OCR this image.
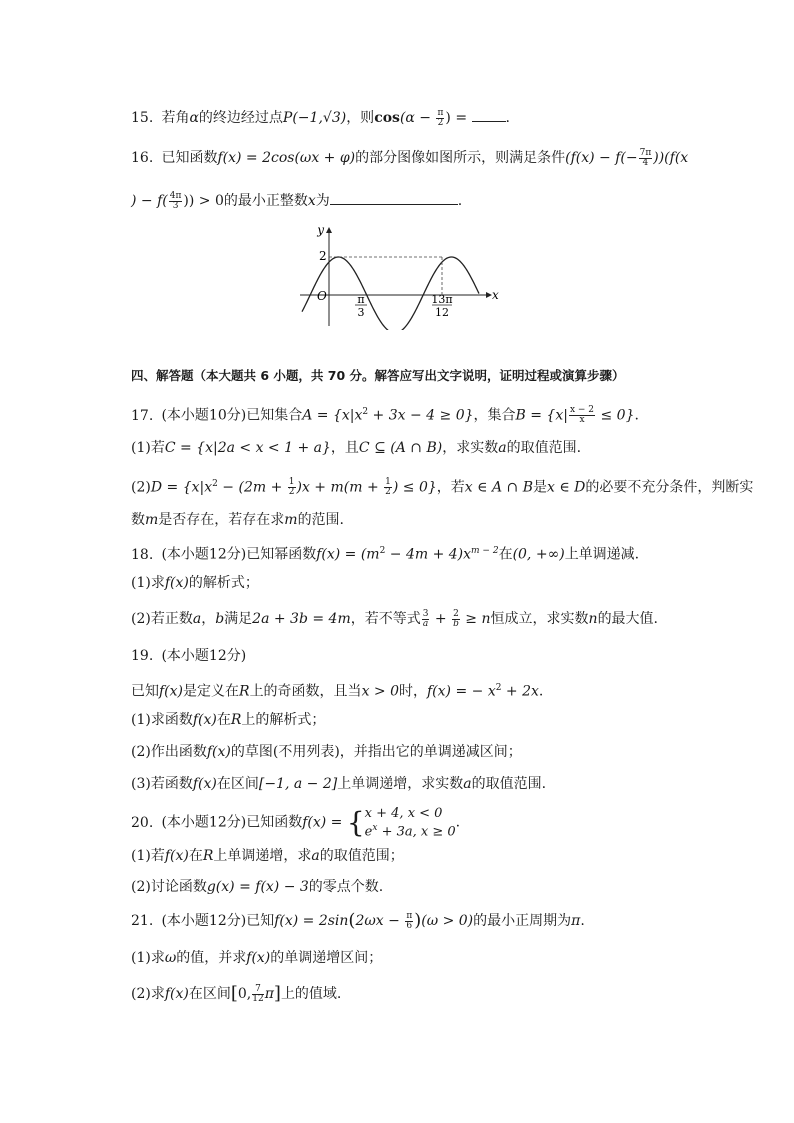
15. 若角α的终边经过点P(−1,√3)，则$\cos(\alpha - \frac{\pi}{2}$ ) = .
16. 已知函数f(x) = 2cos(ωx + φ)的部分图像如图所示，则满足条件$(f(x) - f(- \frac{7\pi}{4} ))(f(x$
) − $f( \frac{4\pi}{3}$ )) > 0的最小正整数x为	.
y
x
O
2
π
3
13π
12
四、解答题（本大题共 6 小题，共 70 分。解答应写出文字说明，证明过程或演算步骤）
17. (本小题10分)已知集合$A = \{x|x^2 + 3x - 4 \ge 0\}$，集合$B = \{x| \frac{x - 2}{x} \le 0\}$.
(1)若C = {x|2a < x < 1 + a}，且C ⊆ (A ∩ B)，求实数a的取值范围.
$(2)D = \{x|x^2 - (2m + \frac{1}{2} )x + m(m + \frac{1}{2}$ ) ≤ 0}，若x ∈ A ∩ B是x ∈ D的必要不充分条件，判断实
数m是否存在，若存在求m的范围.
18. (本小题12分)已知幂函数$f(x) = (m^2 - 4m + 4)x^{m - 2}$在(0, +∞)上单调递减.
(1)求f(x)的解析式；
(2)若正数a，b满足2a + 3b = 4m，若不等式 $\frac{3}{a} + \frac{2}{b} \ge n$恒成立，求实数n的最大值.
19. (本小题12分)
已知f(x)是定义在R上的奇函数，且当x > 0时，f(x) = − $x^2 + 2x$.
(1)求函数f(x)在R上的解析式；
(2)作出函数f(x)的草图(不用列表)，并指出它的单调递减区间；
(3)若函数f(x)在区间[−1, a − 2]上单调递增，求实数a的取值范围.
20. (本小题12分)已知函数f(x) = { x + 4, x < 0
$e^x + 3a$, x ≥ 0
.
(1)若f(x)在R上单调递增，求a的取值范围；
(2)讨论函数g(x) = f(x) − 3的零点个数.
21. (本小题12分)已知$f(x) = 2\sin(2\omega x - \frac{\pi}{6} )(\omega > 0)$的最小正周期为π.
(1)求ω的值，并求f(x)的单调递增区间；
(2)求f(x)在区间[0, $\frac{7}{12} \pi$]上的值域.
